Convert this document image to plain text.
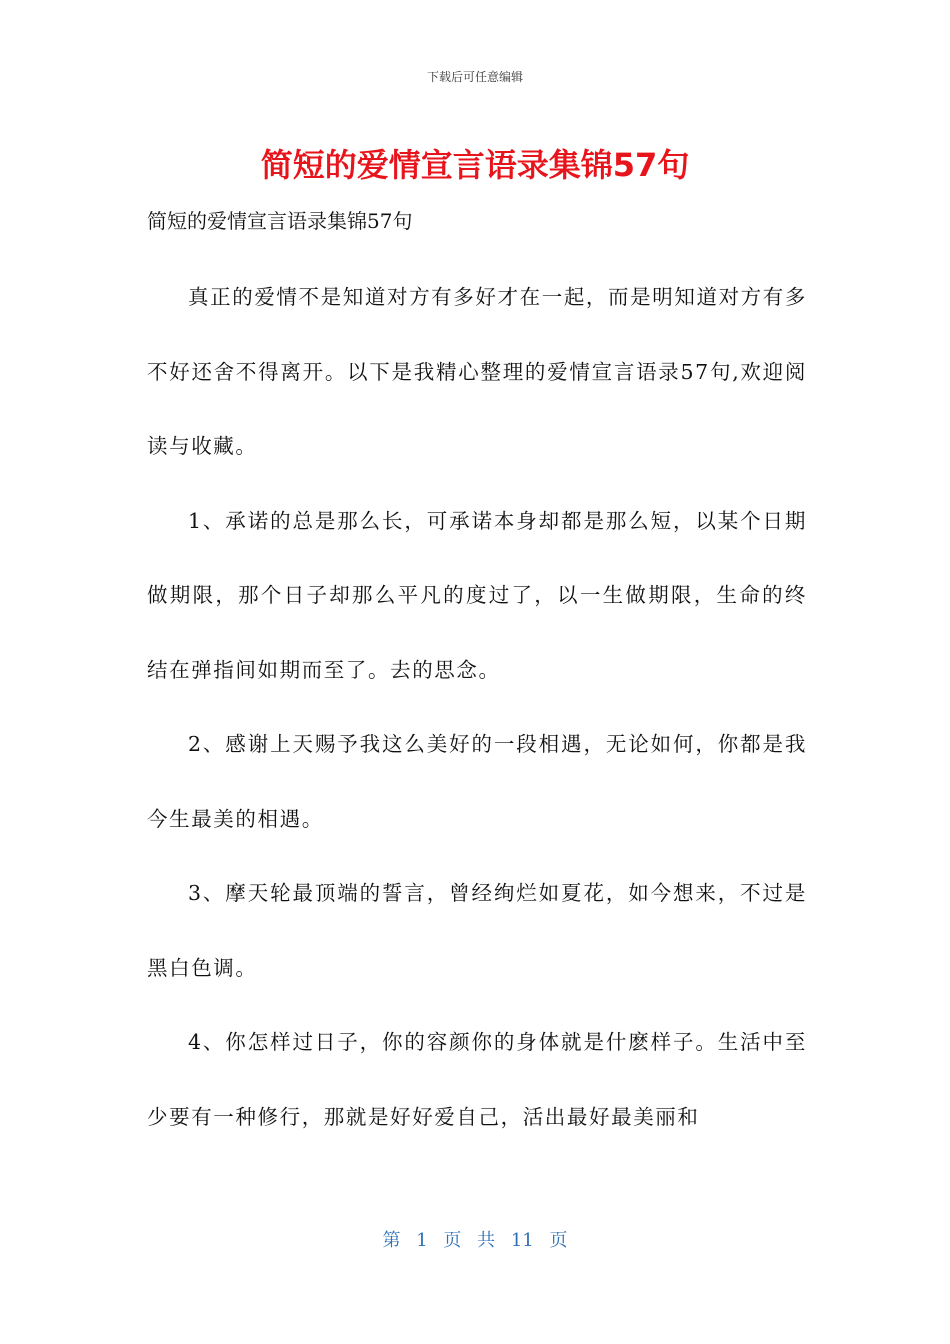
下载后可任意编辑
简短的爱情宣言语录集锦57句
简短的爱情宣言语录集锦57句

真正的爱情不是知道对方有多好才在一起，而是明知道对方有多不好还舍不得离开。以下是我精心整理的爱情宣言语录57句,欢迎阅读与收藏。

1、承诺的总是那么长，可承诺本身却都是那么短，以某个日期做期限，那个日子却那么平凡的度过了，以一生做期限，生命的终结在弹指间如期而至了。去的思念。

2、感谢上天赐予我这么美好的一段相遇，无论如何，你都是我今生最美的相遇。

3、摩天轮最顶端的誓言，曾经绚烂如夏花，如今想来，不过是黑白色调。

4、你怎样过日子，你的容颜你的身体就是什麽样子。生活中至少要有一种修行，那就是好好爱自己，活出最好最美丽和

第 1 页 共 11 页
